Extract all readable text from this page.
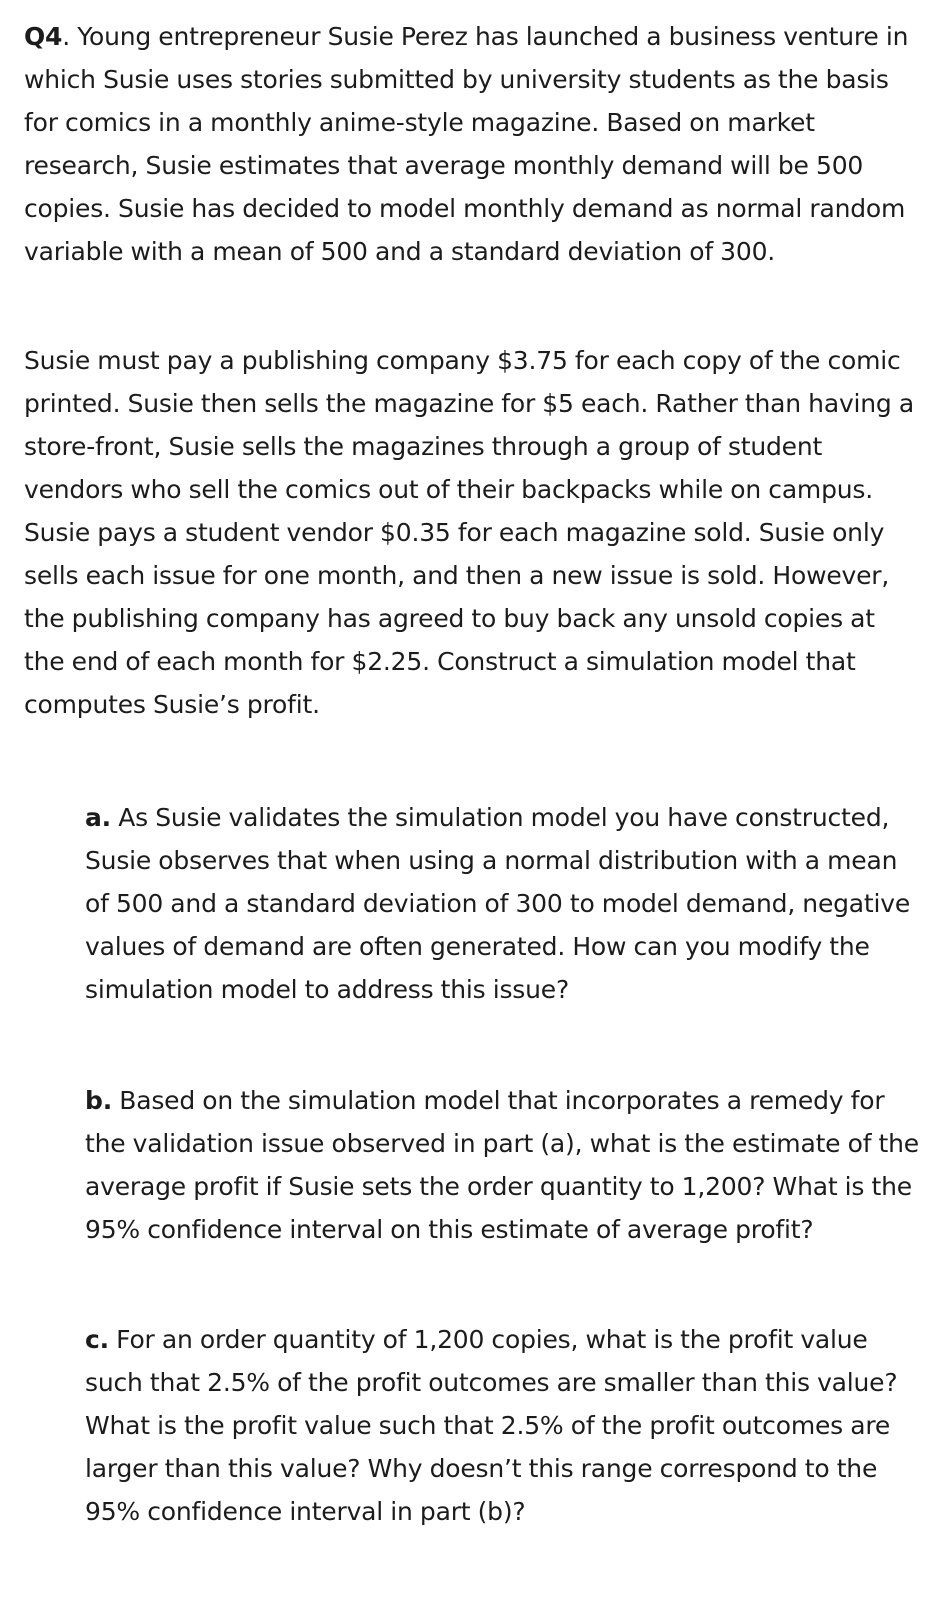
Q4. Young entrepreneur Susie Perez has launched a business venture in which Susie uses stories submitted by university students as the basis for comics in a monthly anime-style magazine. Based on market research, Susie estimates that average monthly demand will be 500 copies. Susie has decided to model monthly demand as normal random variable with a mean of 500 and a standard deviation of 300.

Susie must pay a publishing company $3.75 for each copy of the comic printed. Susie then sells the magazine for $5 each. Rather than having a store-front, Susie sells the magazines through a group of student vendors who sell the comics out of their backpacks while on campus. Susie pays a student vendor $0.35 for each magazine sold. Susie only sells each issue for one month, and then a new issue is sold. However, the publishing company has agreed to buy back any unsold copies at the end of each month for $2.25. Construct a simulation model that computes Susie’s profit.

a. As Susie validates the simulation model you have constructed, Susie observes that when using a normal distribution with a mean of 500 and a standard deviation of 300 to model demand, negative values of demand are often generated. How can you modify the simulation model to address this issue?

b. Based on the simulation model that incorporates a remedy for the validation issue observed in part (a), what is the estimate of the average profit if Susie sets the order quantity to 1,200? What is the 95% confidence interval on this estimate of average profit?

c. For an order quantity of 1,200 copies, what is the profit value such that 2.5% of the profit outcomes are smaller than this value? What is the profit value such that 2.5% of the profit outcomes are larger than this value? Why doesn’t this range correspond to the 95% confidence interval in part (b)?
